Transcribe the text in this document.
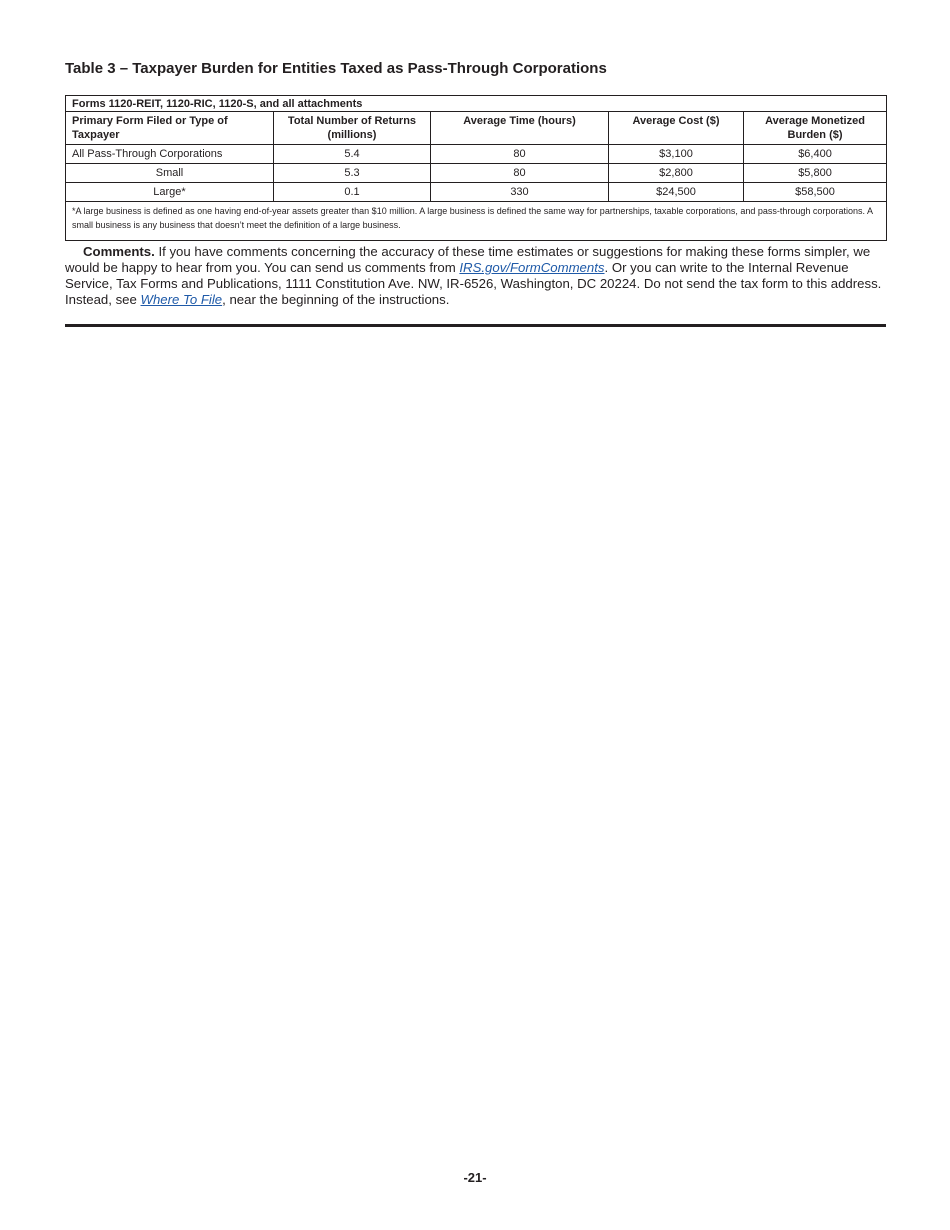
Table 3 – Taxpayer Burden for Entities Taxed as Pass-Through Corporations
Forms 1120-REIT, 1120-RIC, 1120-S, and all attachments				
Primary Form Filed or Type of Taxpayer	Total Number of Returns (millions)	Average Time (hours)	Average Cost ($)	Average Monetized Burden ($)
All Pass-Through Corporations	5.4	80	$3,100	$6,400
Small	5.3	80	$2,800	$5,800
Large*	0.1	330	$24,500	$58,500
*A large business is defined as one having end-of-year assets greater than $10 million. A large business is defined the same way for partnerships, taxable corporations, and pass-through corporations. A small business is any business that doesn’t meet the definition of a large business.				

Comments. If you have comments concerning the accuracy of these time estimates or suggestions for making these forms simpler, we would be happy to hear from you. You can send us comments from IRS.gov/FormComments. Or you can write to the Internal Revenue Service, Tax Forms and Publications, 1111 Constitution Ave. NW, IR-6526, Washington, DC 20224. Do not send the tax form to this address. Instead, see Where To File, near the beginning of the instructions.

-21-
